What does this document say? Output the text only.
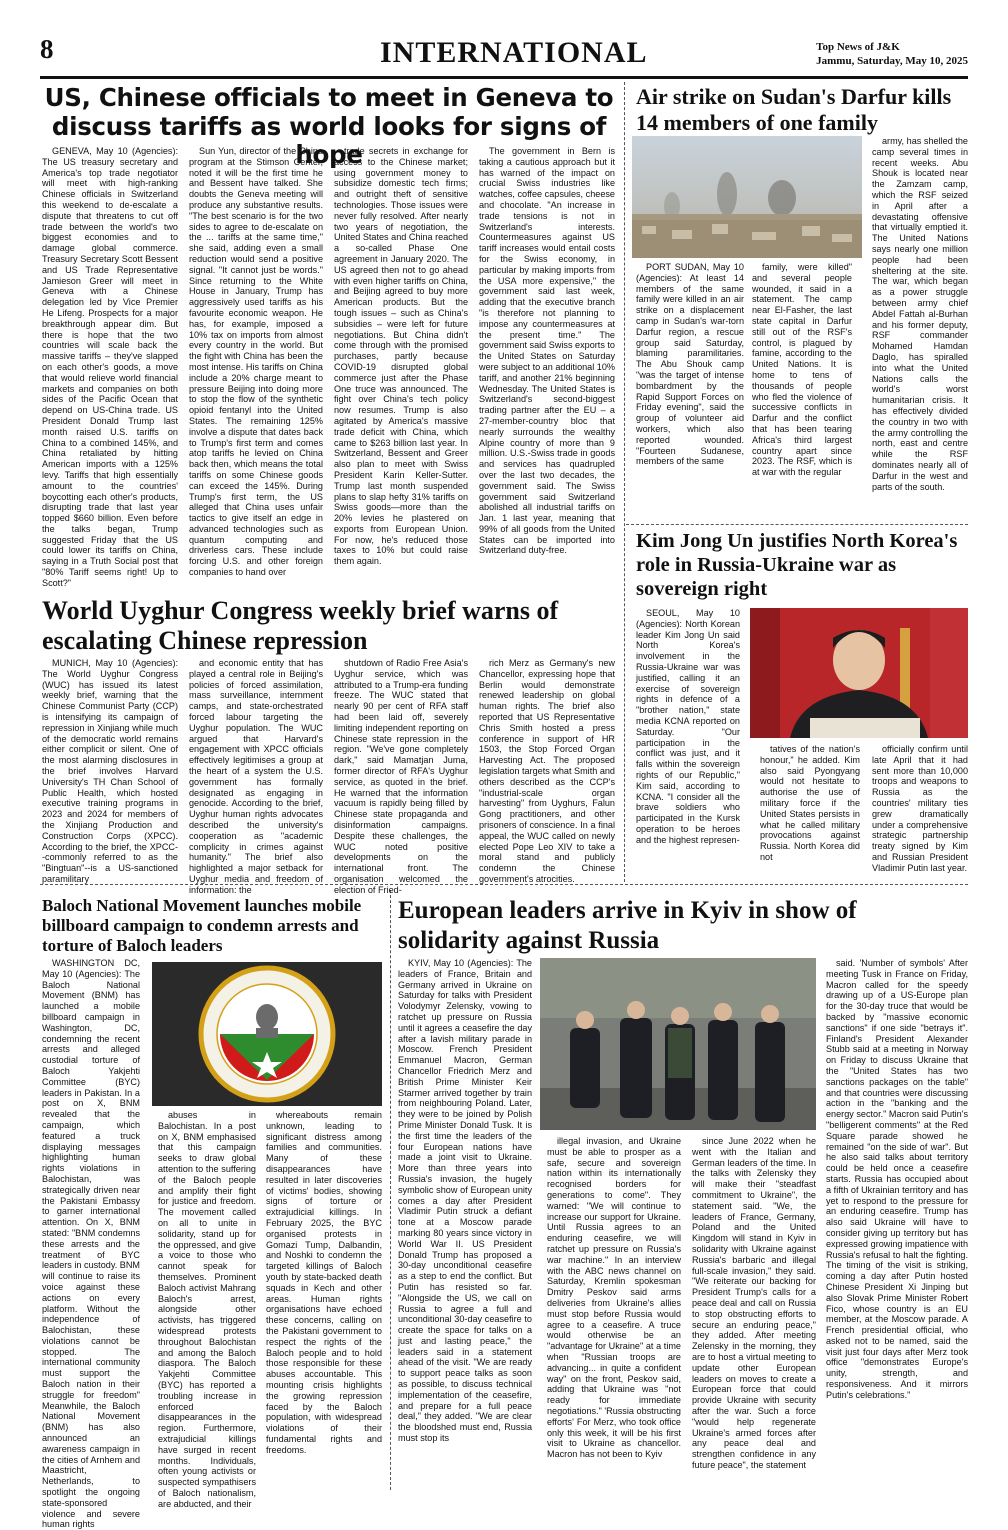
8	INTERNATIONAL	Top News of J&K
Jammu, Saturday, May 10, 2025
US, Chinese officials to meet in Geneva to discuss tariffs as world looks for signs of hope

GENEVA, May 10 (Agencies): The US treasury secretary and America's top trade negotiator will meet with high-ranking Chinese officials in Switzerland this weekend to de-escalate a dispute that threatens to cut off trade between the world's two biggest economies and to damage global commerce. Treasury Secretary Scott Bessent and US Trade Representative Jamieson Greer will meet in Geneva with a Chinese delegation led by Vice Premier He Lifeng. Prospects for a major breakthrough appear dim. But there is hope that the two countries will scale back the massive tariffs – they've slapped on each other's goods, a move that would relieve world financial markets and companies on both sides of the Pacific Ocean that depend on US-China trade. US President Donald Trump last month raised U.S. tariffs on China to a combined 145%, and China retaliated by hitting American imports with a 125% levy. Tariffs that high essentially amount to the countries' boycotting each other's products, disrupting trade that last year topped $660 billion. Even before the talks began, Trump suggested Friday that the US could lower its tariffs on China, saying in a Truth Social post that "80% Tariff seems right! Up to Scott?"

Sun Yun, director of the China program at the Stimson Center, noted it will be the first time he and Bessent have talked. She doubts the Geneva meeting will produce any substantive results. "The best scenario is for the two sides to agree to de-escalate on the ... tariffs at the same time," she said, adding even a small reduction would send a positive signal. "It cannot just be words." Since returning to the White House in January, Trump has aggressively used tariffs as his favourite economic weapon. He has, for example, imposed a 10% tax on imports from almost every country in the world. But the fight with China has been the most intense. His tariffs on China include a 20% charge meant to pressure Beijing into doing more to stop the flow of the synthetic opioid fentanyl into the United States. The remaining 125% involve a dispute that dates back to Trump's first term and comes atop tariffs he levied on China back then, which means the total tariffs on some Chinese goods can exceed the 145%. During Trump's first term, the US alleged that China uses unfair tactics to give itself an edge in advanced technologies such as quantum computing and driverless cars. These include forcing U.S. and other foreign companies to hand over

trade secrets in exchange for access to the Chinese market; using government money to subsidize domestic tech firms; and outright theft of sensitive technologies. Those issues were never fully resolved. After nearly two years of negotiation, the United States and China reached a so-called Phase One agreement in January 2020. The US agreed then not to go ahead with even higher tariffs on China, and Beijing agreed to buy more American products. But the tough issues – such as China's subsidies – were left for future negotiations. But China didn't come through with the promised purchases, partly because COVID-19 disrupted global commerce just after the Phase One truce was announced. The fight over China's tech policy now resumes. Trump is also agitated by America's massive trade deficit with China, which came to $263 billion last year. In Switzerland, Bessent and Greer also plan to meet with Swiss President Karin Keller-Sutter. Trump last month suspended plans to slap hefty 31% tariffs on Swiss goods—more than the 20% levies he plastered on exports from European Union. For now, he's reduced those taxes to 10% but could raise them again.

The government in Bern is taking a cautious approach but it has warned of the impact on crucial Swiss industries like watches, coffee capsules, cheese and chocolate. "An increase in trade tensions is not in Switzerland's interests. Countermeasures against US tariff increases would entail costs for the Swiss economy, in particular by making imports from the USA more expensive," the government said last week, adding that the executive branch "is therefore not planning to impose any countermeasures at the present time." The government said Swiss exports to the United States on Saturday were subject to an additional 10% tariff, and another 21% beginning Wednesday. The United States is Switzerland's second-biggest trading partner after the EU – a 27-member-country bloc that nearly surrounds the wealthy Alpine country of more than 9 million. U.S.-Swiss trade in goods and services has quadrupled over the last two decades, the government said. The Swiss government said Switzerland abolished all industrial tariffs on Jan. 1 last year, meaning that 99% of all goods from the United States can be imported into Switzerland duty-free.

Air strike on Sudan's Darfur kills 14 members of one family

PORT SUDAN, May 10 (Agencies): At least 14 members of the same family were killed in an air strike on a displacement camp in Sudan's war-torn Darfur region, a rescue group said Saturday, blaming paramilitaries. The Abu Shouk camp "was the target of intense bombardment by the Rapid Support Forces on Friday evening", said the group of volunteer aid workers, which also reported wounded. "Fourteen Sudanese, members of the same

family, were killed" and several people wounded, it said in a statement. The camp near El-Fasher, the last state capital in Darfur still out of the RSF's control, is plagued by famine, according to the United Nations. It is home to tens of thousands of people who fled the violence of successive conflicts in Darfur and the conflict that has been tearing Africa's third largest country apart since 2023. The RSF, which is at war with the regular

army, has shelled the camp several times in recent weeks. Abu Shouk is located near the Zamzam camp, which the RSF seized in April after a devastating offensive that virtually emptied it. The United Nations says nearly one million people had been sheltering at the site. The war, which began as a power struggle between army chief Abdel Fattah al-Burhan and his former deputy, RSF commander Mohamed Hamdan Daglo, has spiralled into what the United Nations calls the world's worst humanitarian crisis. It has effectively divided the country in two with the army controlling the north, east and centre while the RSF dominates nearly all of Darfur in the west and parts of the south.

Kim Jong Un justifies North Korea's role in Russia-Ukraine war as sovereign right

SEOUL, May 10 (Agencies): North Korean leader Kim Jong Un said North Korea's involvement in the Russia-Ukraine war was justified, calling it an exercise of sovereign rights in defence of a "brother nation," state media KCNA reported on Saturday. "Our participation in the conflict was just, and it falls within the sovereign rights of our Republic," Kim said, according to KCNA. "I consider all the brave soldiers who participated in the Kursk operation to be heroes and the highest represen-

tatives of the nation's honour," he added. Kim also said Pyongyang would not hesitate to authorise the use of military force if the United States persists in what he called military provocations against Russia. North Korea did not

officially confirm until late April that it had sent more than 10,000 troops and weapons to Russia as the countries' military ties grew dramatically under a comprehensive strategic partnership treaty signed by Kim and Russian President Vladimir Putin last year.

World Uyghur Congress weekly brief warns of escalating Chinese repression

MUNICH, May 10 (Agencies): The World Uyghur Congress (WUC) has issued its latest weekly brief, warning that the Chinese Communist Party (CCP) is intensifying its campaign of repression in Xinjiang while much of the democratic world remains either complicit or silent. One of the most alarming disclosures in the brief involves Harvard University's TH Chan School of Public Health, which hosted executive training programs in 2023 and 2024 for members of the Xinjiang Production and Construction Corps (XPCC). According to the brief, the XPCC--commonly referred to as the "Bingtuan"--is a US-sanctioned paramilitary

and economic entity that has played a central role in Beijing's policies of forced assimilation, mass surveillance, internment camps, and state-orchestrated forced labour targeting the Uyghur population. The WUC argued that Harvard's engagement with XPCC officials effectively legitimises a group at the heart of a system the U.S. government has formally designated as engaging in genocide. According to the brief, Uyghur human rights advocates described the university's cooperation as "academic complicity in crimes against humanity." The brief also highlighted a major setback for Uyghur media and freedom of information: the

shutdown of Radio Free Asia's Uyghur service, which was attributed to a Trump-era funding freeze. The WUC stated that nearly 90 per cent of RFA staff had been laid off, severely limiting independent reporting on Chinese state repression in the region. "We've gone completely dark," said Mamatjan Juma, former director of RFA's Uyghur service, as quoted in the brief. He warned that the information vacuum is rapidly being filled by Chinese state propaganda and disinformation campaigns. Despite these challenges, the WUC noted positive developments on the international front. The organisation welcomed the election of Fried-

rich Merz as Germany's new Chancellor, expressing hope that Berlin would demonstrate renewed leadership on global human rights. The brief also reported that US Representative Chris Smith hosted a press conference in support of HR 1503, the Stop Forced Organ Harvesting Act. The proposed legislation targets what Smith and others described as the CCP's "industrial-scale organ harvesting" from Uyghurs, Falun Gong practitioners, and other prisoners of conscience. In a final appeal, the WUC called on newly elected Pope Leo XIV to take a moral stand and publicly condemn the Chinese government's atrocities.

Baloch National Movement launches mobile billboard campaign to condemn arrests and torture of Baloch leaders

WASHINGTON DC, May 10 (Agencies): The Baloch National Movement (BNM) has launched a mobile billboard campaign in Washington, DC, condemning the recent arrests and alleged custodial torture of Baloch Yakjehti Committee (BYC) leaders in Pakistan. In a post on X, BNM revealed that the campaign, which featured a truck displaying messages highlighting human rights violations in Balochistan, was strategically driven near the Pakistani Embassy to garner international attention. On X, BNM stated: "BNM condemns these arrests and the treatment of BYC leaders in custody. BNM will continue to raise its voice against these actions on every platform. Without the independence of Balochistan, these violations cannot be stopped. The international community must support the Baloch nation in their struggle for freedom" Meanwhile, the Baloch National Movement (BNM) has also announced an awareness campaign in the cities of Arnhem and Maastricht, Netherlands, to spotlight the ongoing state-sponsored violence and severe human rights

abuses in Balochistan. In a post on X, BNM emphasised that this campaign seeks to draw global attention to the suffering of the Baloch people and amplify their fight for justice and freedom. The movement called on all to unite in solidarity, stand up for the oppressed, and give a voice to those who cannot speak for themselves. Prominent Baloch activist Mahrang Baloch's arrest, alongside other activists, has triggered widespread protests throughout Balochistan and among the Baloch diaspora. The Baloch Yakjehti Committee (BYC) has reported a troubling increase in enforced disappearances in the region. Furthermore, extrajudicial killings have surged in recent months. Individuals, often young activists or suspected sympathisers of Baloch nationalism, are abducted, and their

whereabouts remain unknown, leading to significant distress among families and communities. Many of these disappearances have resulted in later discoveries of victims' bodies, showing signs of torture or extrajudicial killings. In February 2025, the BYC organised protests in Gomazi Tump, Dalbandin, and Noshki to condemn the targeted killings of Baloch youth by state-backed death squads in Kech and other areas. Human rights organisations have echoed these concerns, calling on the Pakistani government to respect the rights of the Baloch people and to hold those responsible for these abuses accountable. This mounting crisis highlights the growing repression faced by the Baloch population, with widespread violations of their fundamental rights and freedoms.

European leaders arrive in Kyiv in show of solidarity against Russia

KYIV, May 10 (Agencies): The leaders of France, Britain and Germany arrived in Ukraine on Saturday for talks with President Volodymyr Zelensky, vowing to ratchet up pressure on Russia until it agrees a ceasefire the day after a lavish military parade in Moscow. French President Emmanuel Macron, German Chancellor Friedrich Merz and British Prime Minister Keir Starmer arrived together by train from neighbouring Poland. Later, they were to be joined by Polish Prime Minister Donald Tusk. It is the first time the leaders of the four European nations have made a joint visit to Ukraine. More than three years into Russia's invasion, the hugely symbolic show of European unity comes a day after President Vladimir Putin struck a defiant tone at a Moscow parade marking 80 years since victory in World War II. US President Donald Trump has proposed a 30-day unconditional ceasefire as a step to end the conflict. But Putin has resisted so far. "Alongside the US, we call on Russia to agree a full and unconditional 30-day ceasefire to create the space for talks on a just and lasting peace," the leaders said in a statement ahead of the visit. "We are ready to support peace talks as soon as possible, to discuss technical implementation of the ceasefire, and prepare for a full peace deal," they added. "We are clear the bloodshed must end, Russia must stop its

illegal invasion, and Ukraine must be able to prosper as a safe, secure and sovereign nation within its internationally recognised borders for generations to come". They warned: "We will continue to increase our support for Ukraine. Until Russia agrees to an enduring ceasefire, we will ratchet up pressure on Russia's war machine." In an interview with the ABC news channel on Saturday, Kremlin spokesman Dmitry Peskov said arms deliveries from Ukraine's allies must stop before Russia would agree to a ceasefire. A truce would otherwise be an "advantage for Ukraine" at a time when "Russian troops are advancing... in quite a confident way" on the front, Peskov said, adding that Ukraine was "not ready for immediate negotiations." 'Russia obstructing efforts' For Merz, who took office only this week, it will be his first visit to Ukraine as chancellor. Macron has not been to Kyiv

since June 2022 when he went with the Italian and German leaders of the time. In the talks with Zelensky they will make their "steadfast commitment to Ukraine", the statement said. "We, the leaders of France, Germany, Poland and the United Kingdom will stand in Kyiv in solidarity with Ukraine against Russia's barbaric and illegal full-scale invasion," they said. "We reiterate our backing for President Trump's calls for a peace deal and call on Russia to stop obstructing efforts to secure an enduring peace," they added. After meeting Zelensky in the morning, they are to host a virtual meeting to update other European leaders on moves to create a European force that could provide Ukraine with security after the war. Such a force "would help regenerate Ukraine's armed forces after any peace deal and strengthen confidence in any future peace", the statement

said. 'Number of symbols' After meeting Tusk in France on Friday, Macron called for the speedy drawing up of a US-Europe plan for the 30-day truce that would be backed by "massive economic sanctions" if one side "betrays it". Finland's President Alexander Stubb said at a meeting in Norway on Friday to discuss Ukraine that the "United States has two sanctions packages on the table" and that countries were discussing action in the "banking and the energy sector." Macron said Putin's "belligerent comments" at the Red Square parade showed he remained "on the side of war". But he also said talks about territory could be held once a ceasefire starts. Russia has occupied about a fifth of Ukrainian territory and has yet to respond to the pressure for an enduring ceasefire. Trump has also said Ukraine will have to consider giving up territory but has expressed growing impatience with Russia's refusal to halt the fighting. The timing of the visit is striking, coming a day after Putin hosted Chinese President Xi Jinping but also Slovak Prime Minister Robert Fico, whose country is an EU member, at the Moscow parade. A French presidential official, who asked not to be named, said the visit just four days after Merz took office "demonstrates Europe's unity, strength, and responsiveness. And it mirrors Putin's celebrations."
